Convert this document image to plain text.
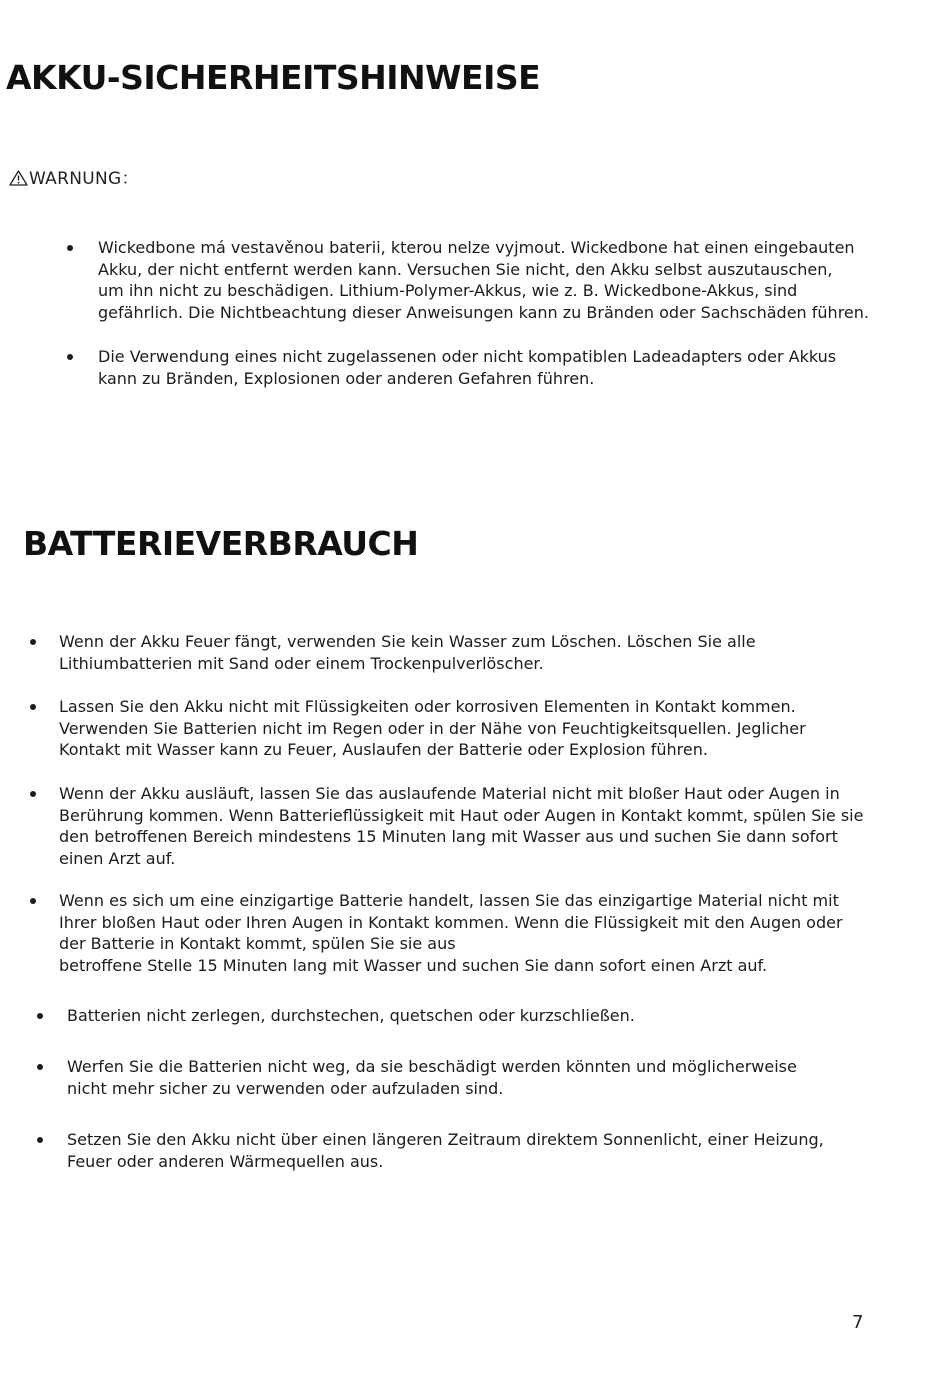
AKKU-SICHERHEITSHINWEISE
WARNUNG：

Wickedbone má vestavěnou baterii, kterou nelze vyjmout. Wickedbone hat einen eingebauten
Akku, der nicht entfernt werden kann. Versuchen Sie nicht, den Akku selbst auszutauschen,
um ihn nicht zu beschädigen. Lithium-Polymer-Akkus, wie z. B. Wickedbone-Akkus, sind
gefährlich. Die Nichtbeachtung dieser Anweisungen kann zu Bränden oder Sachschäden führen.

Die Verwendung eines nicht zugelassenen oder nicht kompatiblen Ladeadapters oder Akkus
kann zu Bränden, Explosionen oder anderen Gefahren führen.

BATTERIEVERBRAUCH

Wenn der Akku Feuer fängt, verwenden Sie kein Wasser zum Löschen. Löschen Sie alle
Lithiumbatterien mit Sand oder einem Trockenpulverlöscher.

Lassen Sie den Akku nicht mit Flüssigkeiten oder korrosiven Elementen in Kontakt kommen.
Verwenden Sie Batterien nicht im Regen oder in der Nähe von Feuchtigkeitsquellen. Jeglicher
Kontakt mit Wasser kann zu Feuer, Auslaufen der Batterie oder Explosion führen.

Wenn der Akku ausläuft, lassen Sie das auslaufende Material nicht mit bloßer Haut oder Augen in
Berührung kommen. Wenn Batterieflüssigkeit mit Haut oder Augen in Kontakt kommt, spülen Sie sie
den betroffenen Bereich mindestens 15 Minuten lang mit Wasser aus und suchen Sie dann sofort
einen Arzt auf.

Wenn es sich um eine einzigartige Batterie handelt, lassen Sie das einzigartige Material nicht mit
Ihrer bloßen Haut oder Ihren Augen in Kontakt kommen. Wenn die Flüssigkeit mit den Augen oder
der Batterie in Kontakt kommt, spülen Sie sie aus
betroffene Stelle 15 Minuten lang mit Wasser und suchen Sie dann sofort einen Arzt auf.

Batterien nicht zerlegen, durchstechen, quetschen oder kurzschließen.

Werfen Sie die Batterien nicht weg, da sie beschädigt werden könnten und möglicherweise
nicht mehr sicher zu verwenden oder aufzuladen sind.

Setzen Sie den Akku nicht über einen längeren Zeitraum direktem Sonnenlicht, einer Heizung,
Feuer oder anderen Wärmequellen aus.

7
